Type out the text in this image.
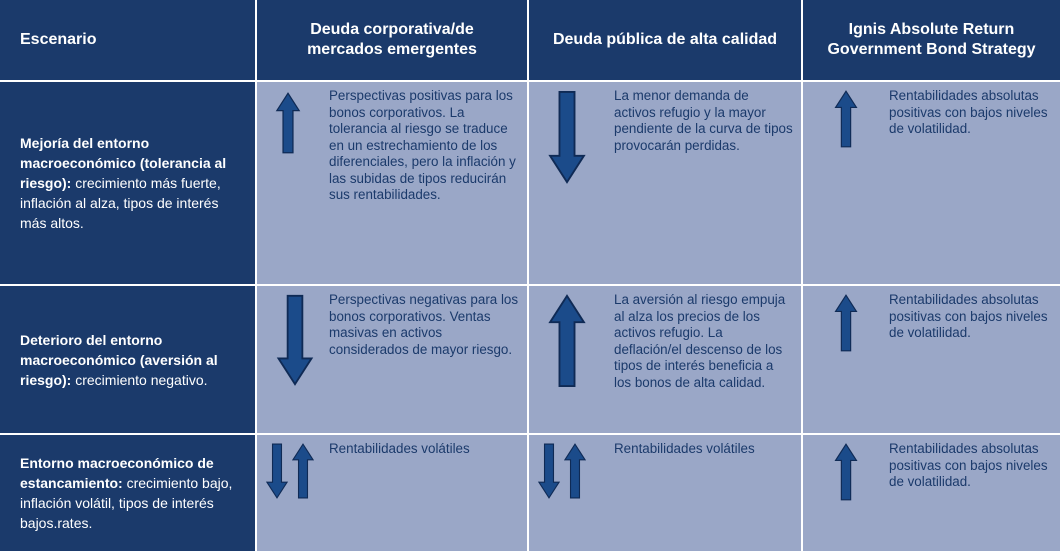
Escenario
Deuda corporativa/de mercados emergentes
Deuda pública de alta calidad
Ignis Absolute Return Government Bond Strategy
Mejoría del entorno macroeconómico (tolerancia al riesgo): crecimiento más fuerte, inflación al alza, tipos de interés más altos.
Perspectivas positivas para los bonos corporativos. La tolerancia al riesgo se traduce en un estrechamiento de los diferenciales, pero la inflación y las subidas de tipos reducirán sus rentabilidades.
La menor demanda de activos refugio y la mayor pendiente de la curva de tipos provocarán perdidas.
Rentabilidades absolutas positivas con bajos niveles de volatilidad.
Deterioro del entorno macroeconómico (aversión al riesgo): crecimiento negativo.
Perspectivas negativas para los bonos corporativos. Ventas masivas en activos considerados de mayor riesgo.
La aversión al riesgo empuja al alza los precios de los activos refugio. La deflación/el descenso de los tipos de interés beneficia a los bonos de alta calidad.
Rentabilidades absolutas positivas con bajos niveles de volatilidad.
Entorno macroeconómico de estancamiento: crecimiento bajo, inflación volátil, tipos de interés bajos.rates.
Rentabilidades volátiles	Rentabilidades volátiles	Rentabilidades absolutas positivas con bajos niveles de volatilidad.
